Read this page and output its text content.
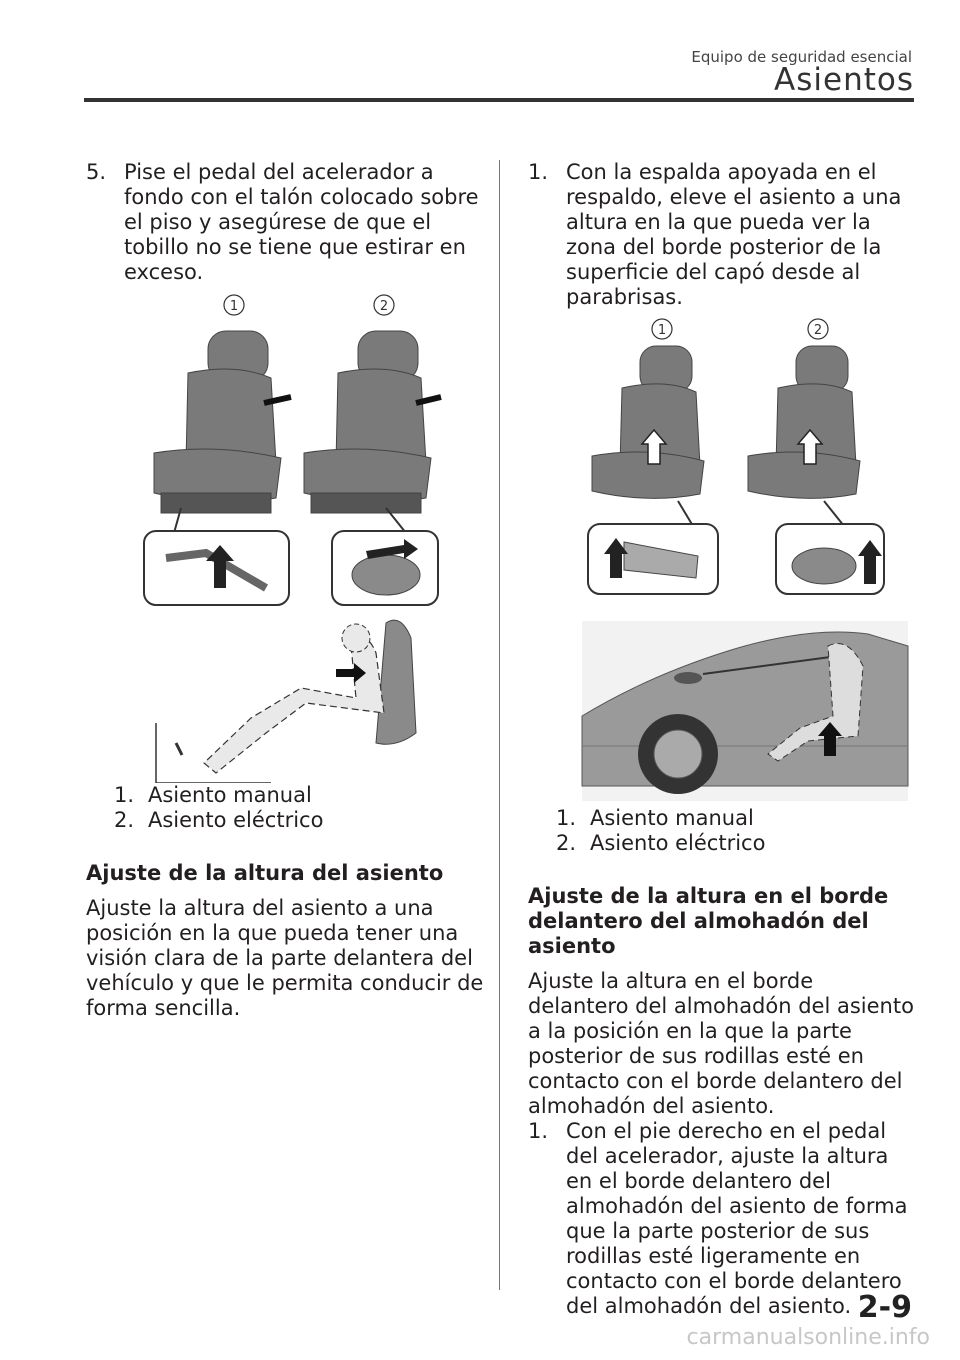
Equipo de seguridad esencial
Asientos
5. Pise el pedal del acelerador a fondo con el talón colocado sobre el piso y asegúrese de que el tobillo no se tiene que estirar en exceso.
1	2
1. Asiento manual
2. Asiento eléctrico
Ajuste de la altura del asiento
Ajuste la altura del asiento a una posición en la que pueda tener una visión clara de la parte delantera del vehículo y que le permita conducir de forma sencilla.
1. Con la espalda apoyada en el respaldo, eleve el asiento a una altura en la que pueda ver la zona del borde posterior de la superficie del capó desde al parabrisas.
1	2
1. Asiento manual
2. Asiento eléctrico
Ajuste de la altura en el borde delantero del almohadón del asiento
Ajuste la altura en el borde delantero del almohadón del asiento a la posición en la que la parte posterior de sus rodillas esté en contacto con el borde delantero del almohadón del asiento.
1. Con el pie derecho en el pedal del acelerador, ajuste la altura en el borde delantero del almohadón del asiento de forma que la parte posterior de sus rodillas esté ligeramente en contacto con el borde delantero del almohadón del asiento. 2-9
carmanualsonline.info
